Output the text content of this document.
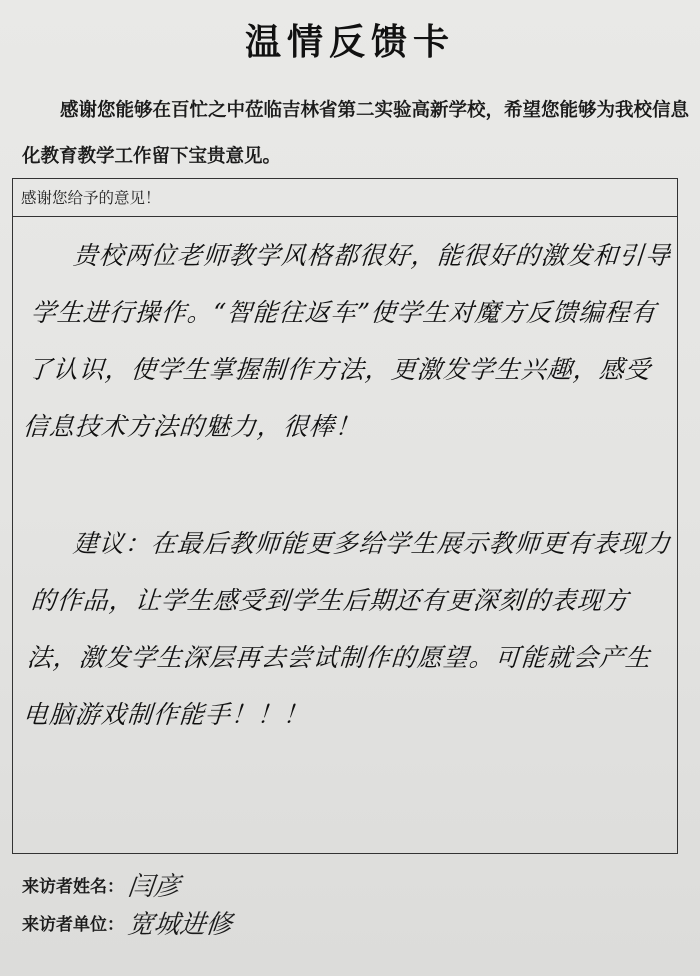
温情反馈卡
感谢您能够在百忙之中莅临吉林省第二实验高新学校，希望您能够为我校信息化教育教学工作留下宝贵意见。
感谢您给予的意见！
贵校两位老师教学风格都很好，能很好的激发和引导学生进行操作。“智能往返车”使学生对魔方反馈编程有了认识，使学生掌握制作方法，更激发学生兴趣，感受信息技术方法的魅力，很棒！
建议：在最后教师能更多给学生展示教师更有表现力的作品，让学生感受到学生后期还有更深刻的表现方法，激发学生深层再去尝试制作的愿望。可能就会产生电脑游戏制作能手！！！
来访者姓名： 闫彦
来访者单位： 宽城进修
